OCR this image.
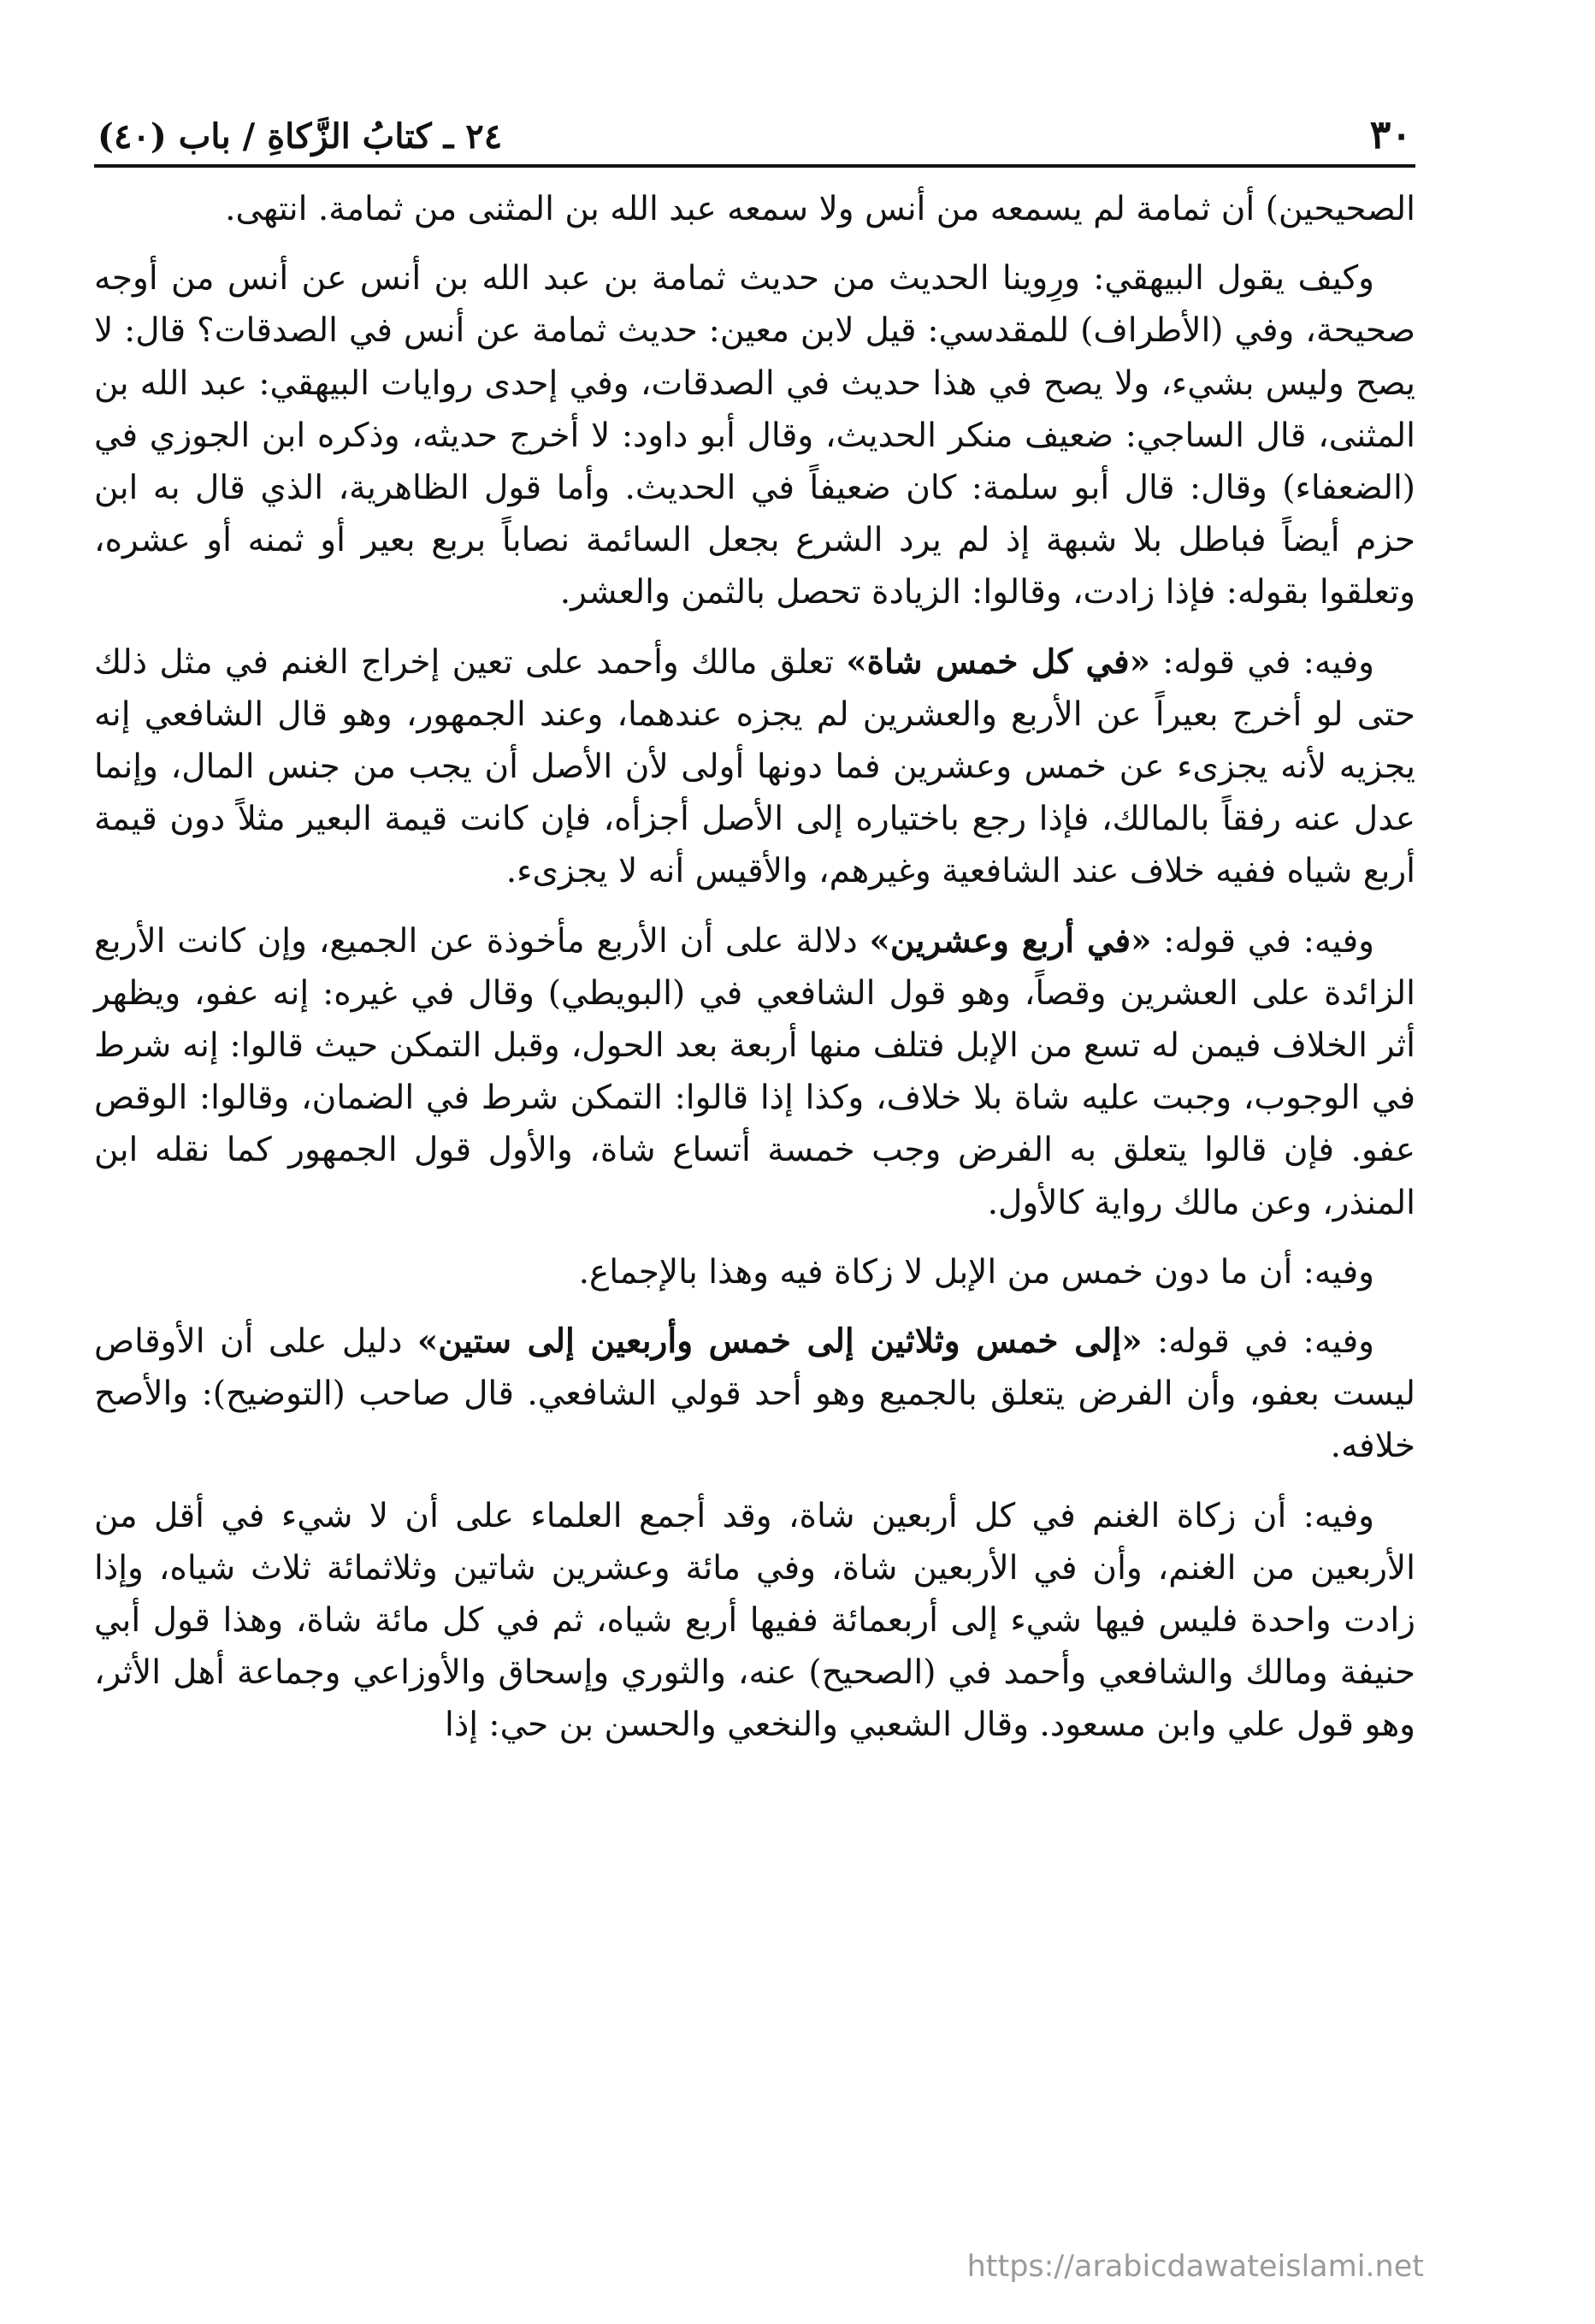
٣٠
٢٤ ـ كتابُ الزَّكاةِ / باب (٤٠)

الصحيحين) أن ثمامة لم يسمعه من أنس ولا سمعه عبد الله بن المثنى من ثمامة. انتهى.

وكيف يقول البيهقي: ورِوينا الحديث من حديث ثمامة بن عبد الله بن أنس عن أنس من أوجه صحيحة، وفي (الأطراف) للمقدسي: قيل لابن معين: حديث ثمامة عن أنس في الصدقات؟ قال: لا يصح وليس بشيء، ولا يصح في هذا حديث في الصدقات، وفي إحدى روايات البيهقي: عبد الله بن المثنى، قال الساجي: ضعيف منكر الحديث، وقال أبو داود: لا أخرج حديثه، وذكره ابن الجوزي في (الضعفاء) وقال: قال أبو سلمة: كان ضعيفاً في الحديث. وأما قول الظاهرية، الذي قال به ابن حزم أيضاً فباطل بلا شبهة إذ لم يرد الشرع بجعل السائمة نصاباً بربع بعير أو ثمنه أو عشره، وتعلقوا بقوله: فإذا زادت، وقالوا: الزيادة تحصل بالثمن والعشر.

وفيه: في قوله: «في كل خمس شاة» تعلق مالك وأحمد على تعين إخراج الغنم في مثل ذلك حتى لو أخرج بعيراً عن الأربع والعشرين لم يجزه عندهما، وعند الجمهور، وهو قال الشافعي إنه يجزيه لأنه يجزىء عن خمس وعشرين فما دونها أولى لأن الأصل أن يجب من جنس المال، وإنما عدل عنه رفقاً بالمالك، فإذا رجع باختياره إلى الأصل أجزأه، فإن كانت قيمة البعير مثلاً دون قيمة أربع شياه ففيه خلاف عند الشافعية وغيرهم، والأقيس أنه لا يجزىء.

وفيه: في قوله: «في أربع وعشرين» دلالة على أن الأربع مأخوذة عن الجميع، وإن كانت الأربع الزائدة على العشرين وقصاً، وهو قول الشافعي في (البويطي) وقال في غيره: إنه عفو، ويظهر أثر الخلاف فيمن له تسع من الإبل فتلف منها أربعة بعد الحول، وقبل التمكن حيث قالوا: إنه شرط في الوجوب، وجبت عليه شاة بلا خلاف، وكذا إذا قالوا: التمكن شرط في الضمان، وقالوا: الوقص عفو. فإن قالوا يتعلق به الفرض وجب خمسة أتساع شاة، والأول قول الجمهور كما نقله ابن المنذر، وعن مالك رواية كالأول.

وفيه: أن ما دون خمس من الإبل لا زكاة فيه وهذا بالإجماع.

وفيه: في قوله: «إلى خمس وثلاثين إلى خمس وأربعين إلى ستين» دليل على أن الأوقاص ليست بعفو، وأن الفرض يتعلق بالجميع وهو أحد قولي الشافعي. قال صاحب (التوضيح): والأصح خلافه.

وفيه: أن زكاة الغنم في كل أربعين شاة، وقد أجمع العلماء على أن لا شيء في أقل من الأربعين من الغنم، وأن في الأربعين شاة، وفي مائة وعشرين شاتين وثلاثمائة ثلاث شياه، وإذا زادت واحدة فليس فيها شيء إلى أربعمائة ففيها أربع شياه، ثم في كل مائة شاة، وهذا قول أبي حنيفة ومالك والشافعي وأحمد في (الصحيح) عنه، والثوري وإسحاق والأوزاعي وجماعة أهل الأثر، وهو قول علي وابن مسعود. وقال الشعبي والنخعي والحسن بن حي: إذا

https://arabicdawateislami.net
